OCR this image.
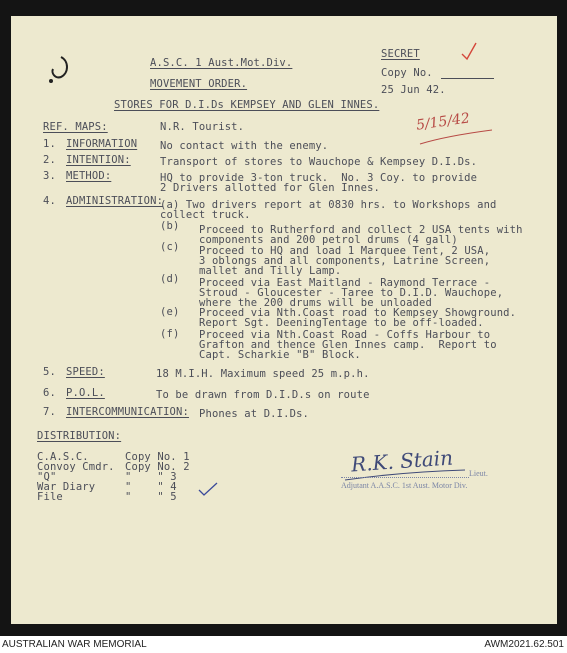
A.S.C. 1 Aust.Mot.Div.
SECRET
Copy No.
25 Jun 42.
MOVEMENT ORDER.
STORES FOR D.I.Ds KEMPSEY AND GLEN INNES.
5/15/42
REF. MAPS:	N.R. Tourist.
1. INFORMATION No contact with the enemy.
2. INTENTION:	Transport of stores to Wauchope & Kempsey D.I.Ds.
3. METHOD:	HQ to provide 3-ton truck.  No. 3 Coy. to provide
2 Drivers allotted for Glen Innes.
4. ADMINISTRATION:
(a) Two drivers report at 0830 hrs. to Workshops and
collect truck.
(b) Proceed to Rutherford and collect 2 USA tents with
components and 200 petrol drums (4 gall)
(c) Proceed to HQ and load 1 Marquee Tent, 2 USA,
3 oblongs and all components, Latrine Screen,
mallet and Tilly Lamp.
(d) Proceed via East Maitland - Raymond Terrace -
Stroud - Gloucester - Taree to D.I.D. Wauchope,
where the 200 drums will be unloaded
(e) Proceed via Nth.Coast road to Kempsey Showground.
Report Sgt. DeeningTentage to be off-loaded.
(f) Proceed via Nth.Coast Road - Coffs Harbour to
Grafton and thence Glen Innes camp.  Report to
Capt. Scharkie "B" Block.
5. SPEED:	18 M.I.H. Maximum speed 25 m.p.h.
6. P.O.L.	To be drawn from D.I.D.s on route
7. INTERCOMMUNICATION: Phones at D.I.Ds.
DISTRIBUTION:
C.A.S.C.	Copy No. 1
Convoy Cmdr. Copy No. 2
"Q"	"    " 3
War Diary	"    " 4
File	"    " 5
R.K. Stain Lieut.
Adjutant A.A.S.C. 1st Aust. Motor Div.
AUSTRALIAN WAR MEMORIAL	AWM2021.62.501
